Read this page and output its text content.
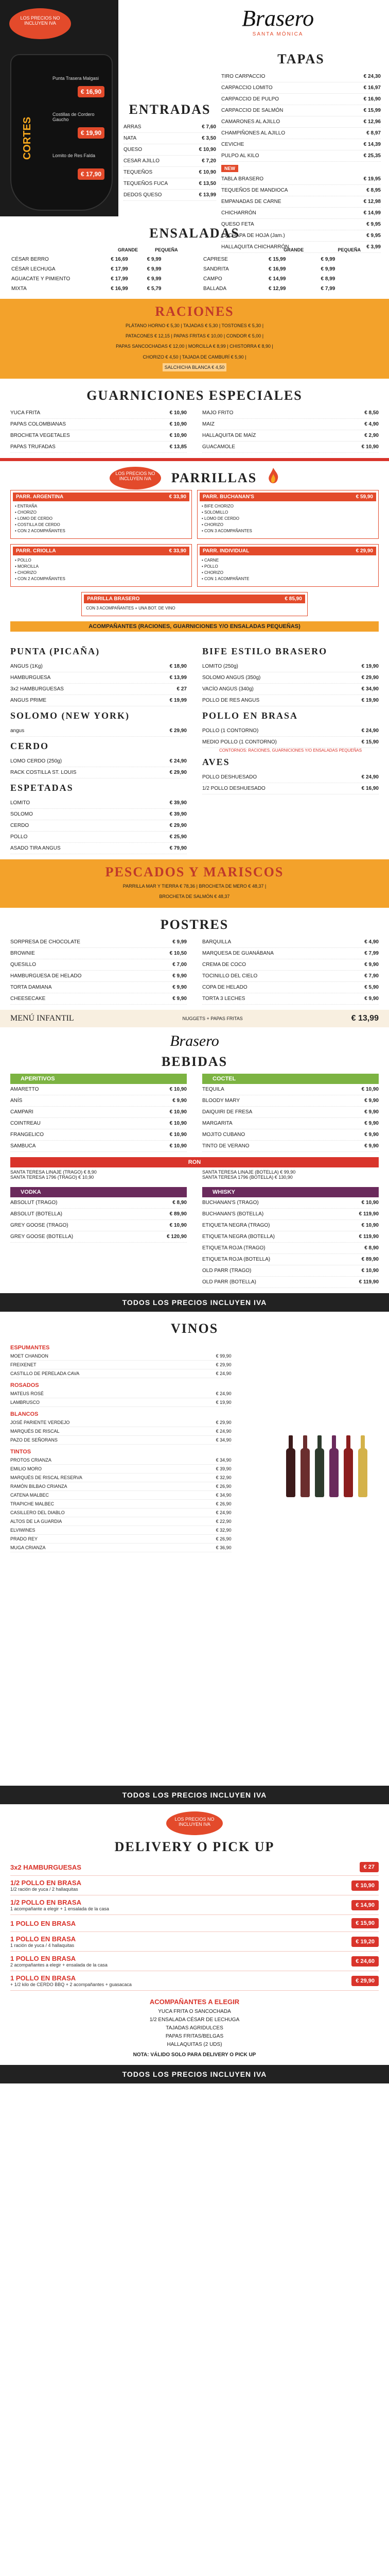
LOS PRECIOS NO INCLUYEN IVA
CORTES
Punta Trasera Malgasi
€ 16,90
Costillas de Cordero Gaucho
€ 19,90
Lomito de Res Falda
€ 17,90
Brasero
SANTA MÓNICA
TAPAS
TIRO CARPACCIO	€ 24,30
CARPACCIO LOMITO	€ 16,97
CARPACCIO DE PULPO	€ 16,90
CARPACCIO DE SALMÓN	€ 15,99
CAMARONES AL AJILLO	€ 12,96
CHAMPIÑONES AL AJILLO	€ 8,97
CEVICHE	€ 14,39
PULPO AL KILO	€ 25,35
NEW
TABLA BRASERO	€ 19,95
TEQUEÑOS DE MANDIOCA	€ 8,95
EMPANADAS DE CARNE	€ 12,98
CHICHARRÓN	€ 14,99
QUESO FETA	€ 9,95
CACHAPA DE HOJA (Jam.)	€ 9,95
HALLAQUITA CHICHARRÓN	€ 3,99
ENTRADAS
ARRAS	€ 7,60
NATA	€ 3,50
QUESO	€ 10,90
CESAR AJILLO	€ 7,20
TEQUEÑOS	€ 10,90
TEQUEÑOS FUCA	€ 13,50
DEDOS QUESO	€ 13,99
ENSALADAS
	GRANDE	PEQUEÑA
CÉSAR BERRO	€ 16,69	€ 9,99
CÉSAR LECHUGA	€ 17,99	€ 9,99
AGUACATE Y PIMIENTO	€ 17,99	€ 9,99
MIXTA	€ 16,99	€ 5,79
	GRANDE	PEQUEÑA
CAPRESE	€ 15,99	€ 9,99
SANDRITA	€ 16,99	€ 9,99
CAMPO	€ 14,99	€ 8,99
BALLADA	€ 12,99	€ 7,99
RACIONES

PLÁTANO HORNO € 5,30 | TAJADAS € 5,30 | TOSTONES € 5,30 |

PATACONES € 12,15 | PAPAS FRITAS € 10,00 | CONDOR € 5,00 |

PAPAS SANCOCHADAS € 12,00 | MORCILLA € 8,99 | CHISTORRA € 8,90 |

CHORIZO € 4,50 | TAJADA DE CAMBURÍ € 5,90 |

SALCHICHA BLANCA € 4,50

GUARNICIONES ESPECIALES
YUCA FRITA	€ 10,90
PAPAS COLOMBIANAS	€ 10,90
BROCHETA VEGETALES	€ 10,90
PAPAS TRUFADAS	€ 13,85
MAJO FRITO	€ 8,50
MAIZ	€ 4,90
HALLAQUITA DE MAÍZ	€ 2,90
GUACAMOLE	€ 10,90
LOS PRECIOS NO INCLUYEN IVA	PARRILLAS
PARR. ARGENTINA	€ 33,90
• ENTRAÑA
• CHORIZO
• LOMO DE CERDO
• COSTILLA DE CERDO
• CON 2 ACOMPAÑANTES
PARR. BUCHANAN'S	€ 59,90
• BIFE CHORIZO
• SOLOMILLO
• LOMO DE CERDO
• CHORIZO
• CON 3 ACOMPAÑANTES
PARR. CRIOLLA	€ 33,90
• POLLO
• MORCILLA
• CHORIZO
• CON 2 ACOMPAÑANTES
PARR. INDIVIDUAL	€ 29,90
• CARNE
• POLLO
• CHORIZO
• CON 1 ACOMPAÑANTE
PARRILLA BRASERO	€ 85,90
CON 3 ACOMPAÑANTES + UNA BOT. DE VINO
ACOMPAÑANTES (RACIONES, GUARNICIONES Y/O ENSALADAS PEQUEÑAS)
PUNTA (PICAÑA)
ANGUS (1Kg)	€ 18,90
HAMBURGUESA	€ 13,99
3x2 HAMBURGUESAS	€ 27
ANGUS PRIME	€ 19,99
SOLOMO (NEW YORK)
angus	€ 29,90
CERDO
LOMO CERDO (250g)	€ 24,90
RACK COSTILLA ST. LOUIS	€ 29,90
ESPETADAS
LOMITO	€ 39,90
SOLOMO	€ 39,90
CERDO	€ 29,90
POLLO	€ 25,90
ASADO TIRA ANGUS	€ 79,90
BIFE ESTILO BRASERO
LOMITO (250g)	€ 19,90
SOLOMO ANGUS (350g)	€ 29,90
VACÍO ANGUS (340g)	€ 34,90
POLLO DE RES ANGUS	€ 19,90
POLLO EN BRASA
POLLO (1 CONTORNO)	€ 24,90
MEDIO POLLO (1 CONTORNO)	€ 15,90
CONTORNOS: RACIONES, GUARNICIONES Y/O ENSALADAS PEQUEÑAS
AVES
POLLO DESHUESADO	€ 24,90
1/2 POLLO DESHUESADO	€ 16,90
PESCADOS Y MARISCOS

PARRILLA MAR Y TIERRA € 78,36 | BROCHETA DE MERO € 48,37 |

BROCHETA DE SALMÓN € 48,37

POSTRES
SORPRESA DE CHOCOLATE	€ 9,99
BROWNIE	€ 10,50
QUESILLO	€ 7,00
HAMBURGUESA DE HELADO	€ 9,90
TORTA DAMIANA	€ 9,90
CHEESECAKE	€ 9,90
BARQUILLA	€ 4,90
MARQUESA DE GUANÁBANA	€ 7,99
CREMA DE COCO	€ 9,90
TOCINILLO DEL CIELO	€ 7,90
COPA DE HELADO	€ 5,90
TORTA 3 LECHES	€ 9,90
MENÚ INFANTIL	NUGGETS + PAPAS FRITAS	€ 13,99
Brasero
BEBIDAS
APERITIVOS
AMARETTO	€ 10,90
ANÍS	€ 9,90
CAMPARI	€ 10,90
COINTREAU	€ 10,90
FRANGELICO	€ 10,90
SAMBUCA	€ 10,90
COCTEL
TEQUILA	€ 10,90
BLOODY MARY	€ 9,90
DAIQUIRI DE FRESA	€ 9,90
MARGARITA	€ 9,90
MOJITO CUBANO	€ 9,90
TINTO DE VERANO	€ 9,90
RON
SANTA TERESA LINAJE (TRAGO) € 8,90
SANTA TERESA 1796 (TRAGO) € 10,90
SANTA TERESA LINAJE (BOTELLA) € 99,90
SANTA TERESA 1796 (BOTELLA) € 130,90
VODKA
ABSOLUT (TRAGO)	€ 8,90
ABSOLUT (BOTELLA)	€ 89,90
GREY GOOSE (TRAGO)	€ 10,90
GREY GOOSE (BOTELLA)	€ 120,90
WHISKY
BUCHANAN'S (TRAGO)	€ 10,90
BUCHANAN'S (BOTELLA)	€ 119,90
ETIQUETA NEGRA (TRAGO)	€ 10,90
ETIQUETA NEGRA (BOTELLA)	€ 119,90
ETIQUETA ROJA (TRAGO)	€ 8,90
ETIQUETA ROJA (BOTELLA)	€ 89,90
OLD PARR (TRAGO)	€ 10,90
OLD PARR (BOTELLA)	€ 119,90
TODOS LOS PRECIOS INCLUYEN IVA
VINOS
ESPUMANTES
MOET CHANDON	€ 99,90
FREIXENET	€ 29,90
CASTILLO DE PERELADA CAVA	€ 24,90
ROSADOS
MATEUS ROSÉ	€ 24,90
LAMBRUSCO	€ 19,90
BLANCOS
JOSÉ PARIENTE VERDEJO	€ 29,90
MARQUÉS DE RISCAL	€ 24,90
PAZO DE SEÑORANS	€ 34,90
TINTOS
PROTOS CRIANZA	€ 34,90
EMILIO MORO	€ 39,90
MARQUÉS DE RISCAL RESERVA	€ 32,90
RAMÓN BILBAO CRIANZA	€ 26,90
CATENA MALBEC	€ 34,90
TRAPICHE MALBEC	€ 26,90
CASILLERO DEL DIABLO	€ 24,90
ALTOS DE LA GUARDIA	€ 22,90
ELVIWINES	€ 32,90
PRADO REY	€ 26,90
MUGA CRIANZA	€ 36,90
TODOS LOS PRECIOS INCLUYEN IVA
LOS PRECIOS NO INCLUYEN IVA
DELIVERY O PICK UP
3x2 HAMBURGUESAS	€ 27
1/2 POLLO EN BRASA
1/2 ración de yuca / 2 hallaquitas
€ 10,90
1/2 POLLO EN BRASA
1 acompañante a elegir + 1 ensalada de la casa
€ 14,90
1 POLLO EN BRASA	€ 15,90
1 POLLO EN BRASA
1 ración de yuca / 4 hallaquitas
€ 19,20
1 POLLO EN BRASA
2 acompañantes a elegir + ensalada de la casa
€ 24,60
1 POLLO EN BRASA
+ 1/2 kilo de CERDO BBQ + 2 acompañantes + guasacaca
€ 29,90
ACOMPAÑANTES A ELEGIR
YUCA FRITA O SANCOCHADA
1/2 ENSALADA CÉSAR DE LECHUGA
TAJADAS AGRIDULCES
PAPAS FRITAS/BELGAS
HALLAQUITAS (2 UDS)
NOTA: VÁLIDO SOLO PARA DELIVERY O PICK UP
TODOS LOS PRECIOS INCLUYEN IVA
